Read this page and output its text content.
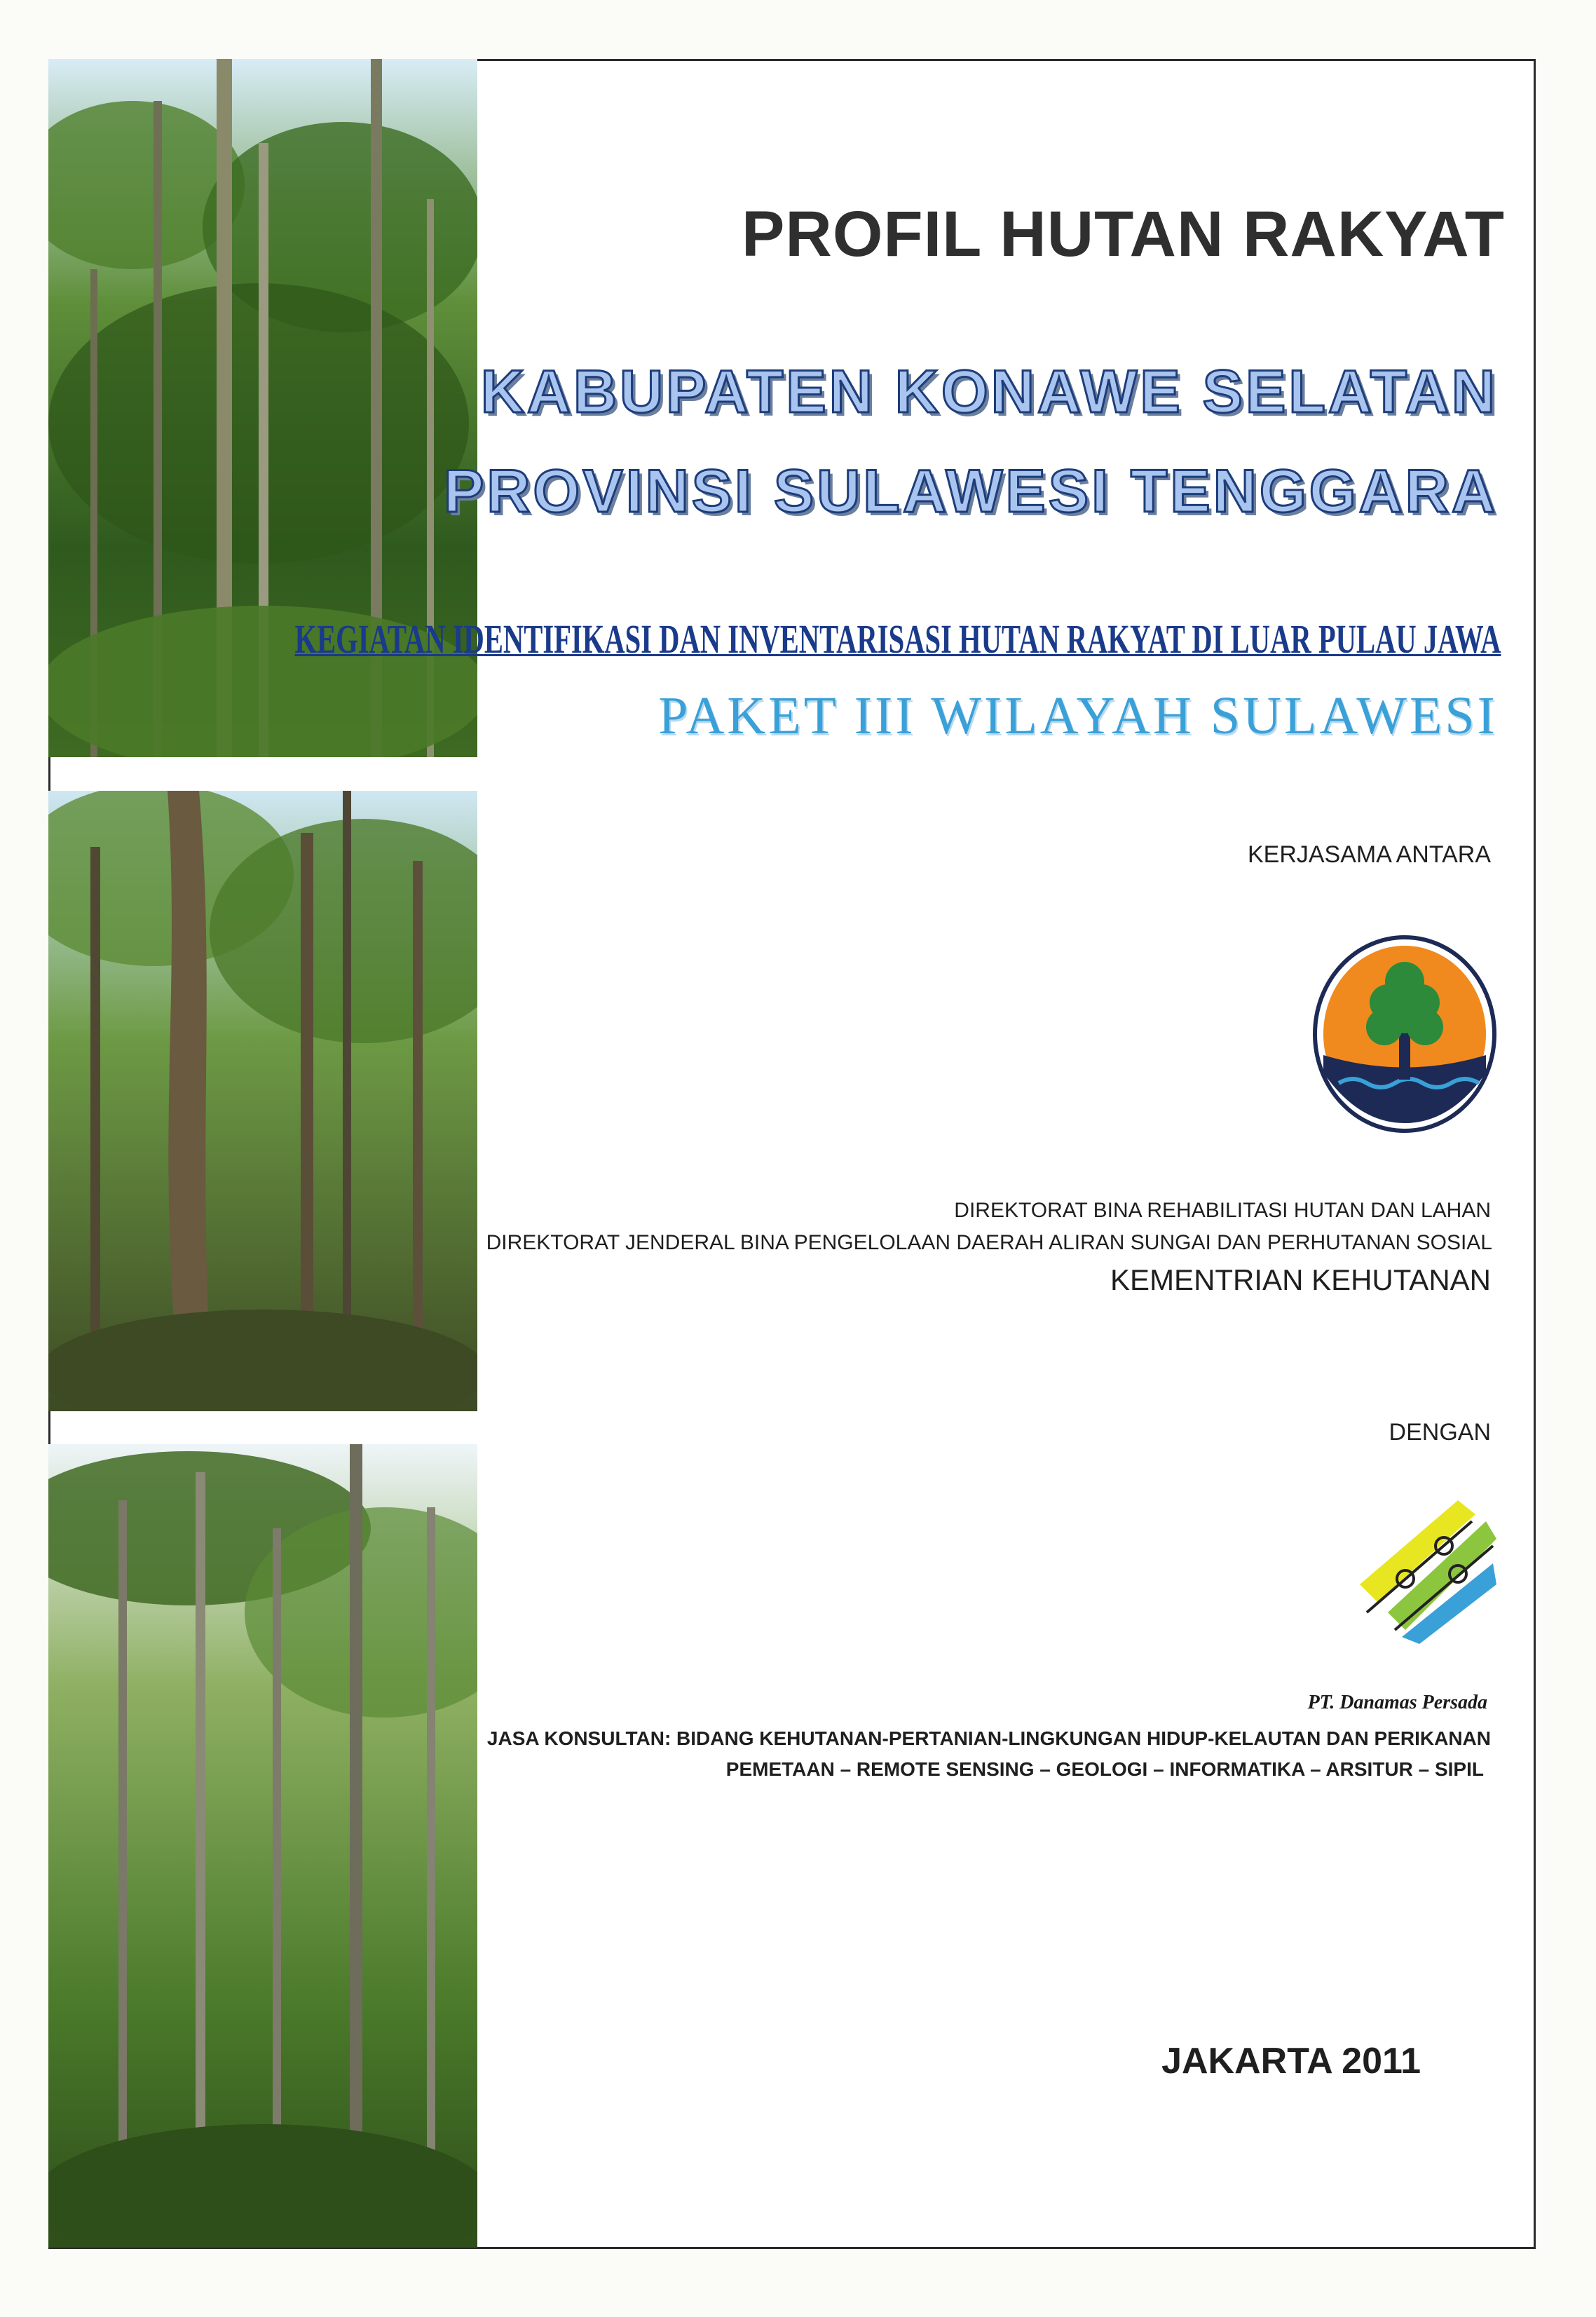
PROFIL HUTAN RAKYAT
KABUPATEN KONAWE SELATAN
PROVINSI SULAWESI TENGGARA
KEGIATAN IDENTIFIKASI DAN INVENTARISASI HUTAN RAKYAT DI LUAR PULAU JAWA
PAKET III WILAYAH SULAWESI
KERJASAMA ANTARA
DIREKTORAT BINA REHABILITASI HUTAN DAN LAHAN
DIREKTORAT JENDERAL BINA PENGELOLAAN DAERAH ALIRAN SUNGAI DAN PERHUTANAN SOSIAL
KEMENTRIAN KEHUTANAN
DENGAN
PT. Danamas Persada
JASA KONSULTAN: BIDANG KEHUTANAN-PERTANIAN-LINGKUNGAN HIDUP-KELAUTAN DAN PERIKANAN
PEMETAAN – REMOTE SENSING – GEOLOGI – INFORMATIKA – ARSITUR – SIPIL
JAKARTA 2011
